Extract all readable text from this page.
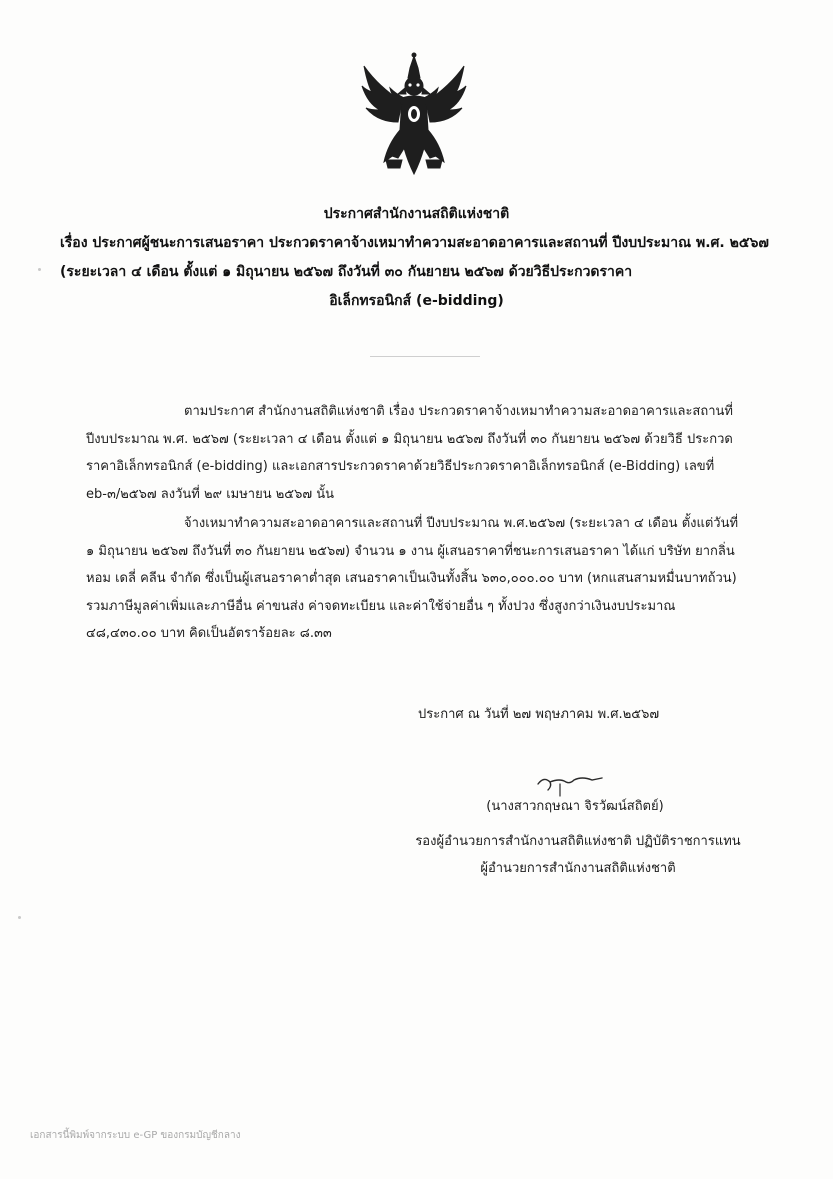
ประกาศสำนักงานสถิติแห่งชาติ
เรื่อง ประกาศผู้ชนะการเสนอราคา ประกวดราคาจ้างเหมาทำความสะอาดอาคารและสถานที่ ปีงบประมาณ พ.ศ. ๒๕๖๗ (ระยะเวลา ๔ เดือน ตั้งแต่ ๑ มิถุนายน ๒๕๖๗ ถึงวันที่ ๓๐ กันยายน ๒๕๖๗ ด้วยวิธีประกวดราคา
อิเล็กทรอนิกส์ (e-bidding)

ตามประกาศ สำนักงานสถิติแห่งชาติ เรื่อง ประกวดราคาจ้างเหมาทำความสะอาดอาคารและสถานที่ ปีงบประมาณ พ.ศ. ๒๕๖๗ (ระยะเวลา ๔ เดือน ตั้งแต่ ๑ มิถุนายน ๒๕๖๗ ถึงวันที่ ๓๐ กันยายน ๒๕๖๗ ด้วยวิธี ประกวดราคาอิเล็กทรอนิกส์ (e-bidding) และเอกสารประกวดราคาด้วยวิธีประกวดราคาอิเล็กทรอนิกส์ (e-Bidding) เลขที่ eb-๓/๒๕๖๗ ลงวันที่ ๒๙ เมษายน ๒๕๖๗ นั้น

จ้างเหมาทำความสะอาดอาคารและสถานที่ ปีงบประมาณ พ.ศ.๒๕๖๗ (ระยะเวลา ๔ เดือน ตั้งแต่วันที่ ๑ มิถุนายน ๒๕๖๗ ถึงวันที่ ๓๐ กันยายน ๒๕๖๗) จำนวน ๑ งาน ผู้เสนอราคาที่ชนะการเสนอราคา ได้แก่ บริษัท ยากลิ่นหอม เดลี่ คลีน จำกัด ซึ่งเป็นผู้เสนอราคาต่ำสุด เสนอราคาเป็นเงินทั้งสิ้น ๖๓๐,๐๐๐.๐๐ บาท (หกแสนสามหมื่นบาทถ้วน) รวมภาษีมูลค่าเพิ่มและภาษีอื่น ค่าขนส่ง ค่าจดทะเบียน และค่าใช้จ่ายอื่น ๆ ทั้งปวง ซึ่งสูงกว่าเงินงบประมาณ ๔๘,๔๓๐.๐๐ บาท คิดเป็นอัตราร้อยละ ๘.๓๓

ประกาศ ณ วันที่ ๒๗ พฤษภาคม พ.ศ.๒๕๖๗
(นางสาวกฤษณา จิรวัฒน์สถิตย์)
รองผู้อำนวยการสำนักงานสถิติแห่งชาติ ปฏิบัติราชการแทน
ผู้อำนวยการสำนักงานสถิติแห่งชาติ
เอกสารนี้พิมพ์จากระบบ e-GP ของกรมบัญชีกลาง
